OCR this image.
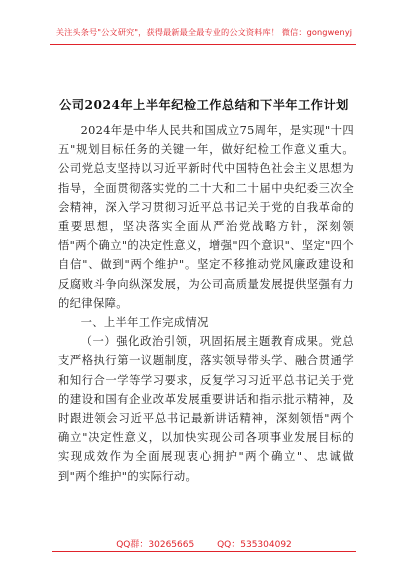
关注头条号"公文研究"，获得最新最全最专业的公文资料库！ 微信：gongwenyj
公司2024年上半年纪检工作总结和下半年工作计划

2024年是中华人民共和国成立75周年，是实现"十四五"规划目标任务的关键一年，做好纪检工作意义重大。公司党总支坚持以习近平新时代中国特色社会主义思想为指导，全面贯彻落实党的二十大和二十届中央纪委三次全会精神，深入学习贯彻习近平总书记关于党的自我革命的重要思想，坚决落实全面从严治党战略方针，深刻领悟"两个确立"的决定性意义，增强"四个意识"、坚定"四个自信"、做到"两个维护"。坚定不移推动党风廉政建设和反腐败斗争向纵深发展，为公司高质量发展提供坚强有力的纪律保障。

一、上半年工作完成情况

（一）强化政治引领，巩固拓展主题教育成果。党总支严格执行第一议题制度，落实领导带头学、融合贯通学和知行合一学等学习要求，反复学习习近平总书记关于党的建设和国有企业改革发展重要讲话和指示批示精神，及时跟进领会习近平总书记最新讲话精神，深刻领悟"两个确立"决定性意义，以加快实现公司各项事业发展目标的实现成效作为全面展现衷心拥护"两个确立"、忠诚做到"两个维护"的实际行动。

QQ群：30265665	QQ：535304092
